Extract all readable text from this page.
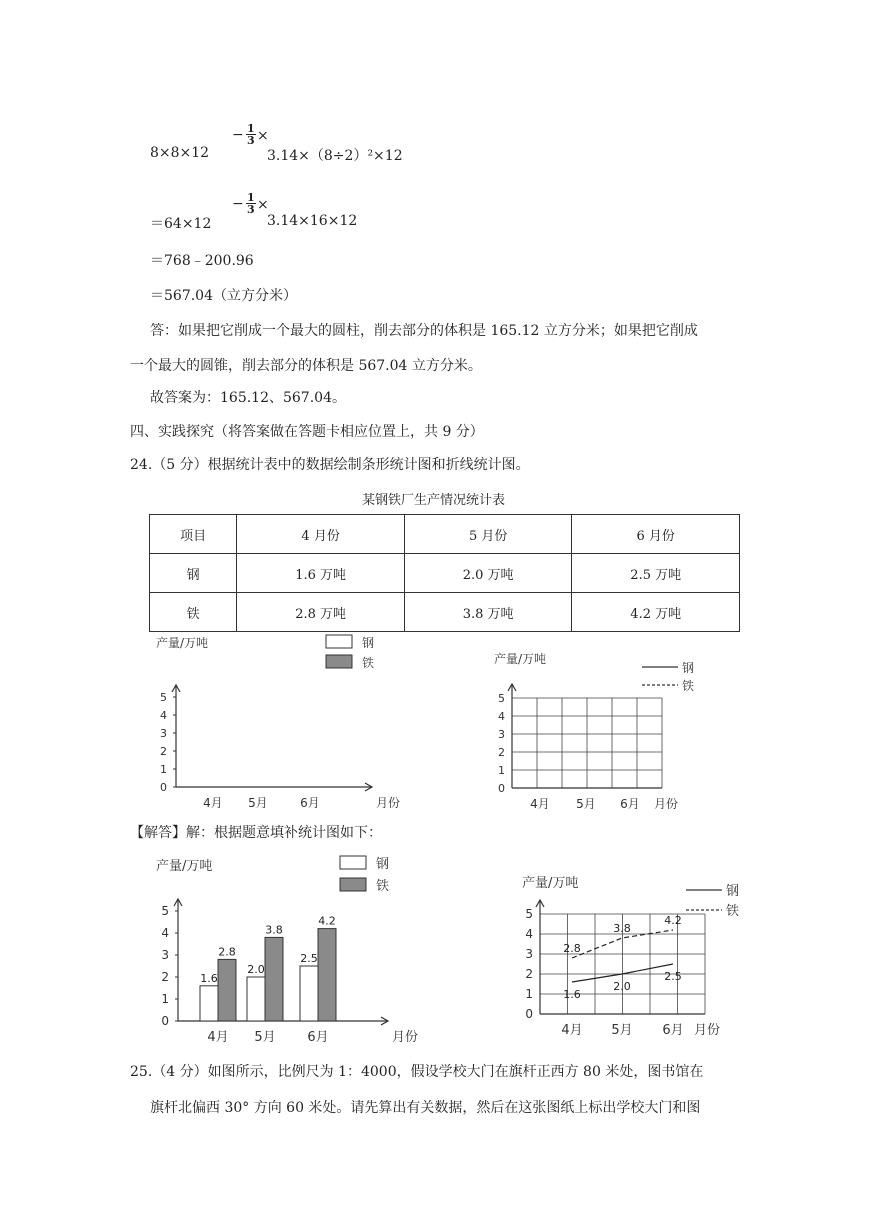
8×8×12
− $\frac{1}{3}$ ×
3.14×（8÷2）²×12
＝64×12
− $\frac{1}{3}$ ×
3.14×16×12
＝768﹣200.96
＝567.04（立方分米）
答：如果把它削成一个最大的圆柱，削去部分的体积是 165.12 立方分米；如果把它削成
一个最大的圆锥，削去部分的体积是 567.04 立方分米。
故答案为：165.12、567.04。
四、实践探究（将答案做在答题卡相应位置上，共 9 分）
24.（5 分）根据统计表中的数据绘制条形统计图和折线统计图。
某钢铁厂生产情况统计表
项目	4 月份	5 月份	6 月份
钢	1.6 万吨	2.0 万吨	2.5 万吨
铁	2.8 万吨	3.8 万吨	4.2 万吨
【解答】解：根据题意填补统计图如下：
0
1
2
3
4
5
产量/万吨
月份
4月 5月	6月
钢
铁
0
1
2
3
4
5
产量/万吨
4月 5月 6月 月份
钢
铁
0
1
2
3
4
5
产量/万吨
月份
4月 5月 6月
钢
1.6
2.0
2.5
铁
2.8
3.8
4.2
0
1
2
3
4
5
产量/万吨
4月 5月 6月 月份
钢
1.6
2.0
2.5
铁
2.8
3.8
4.2
25.（4 分）如图所示，比例尺为 1：4000，假设学校大门在旗杆正西方 80 米处，图书馆在
旗杆北偏西 30° 方向 60 米处。请先算出有关数据，然后在这张图纸上标出学校大门和图
